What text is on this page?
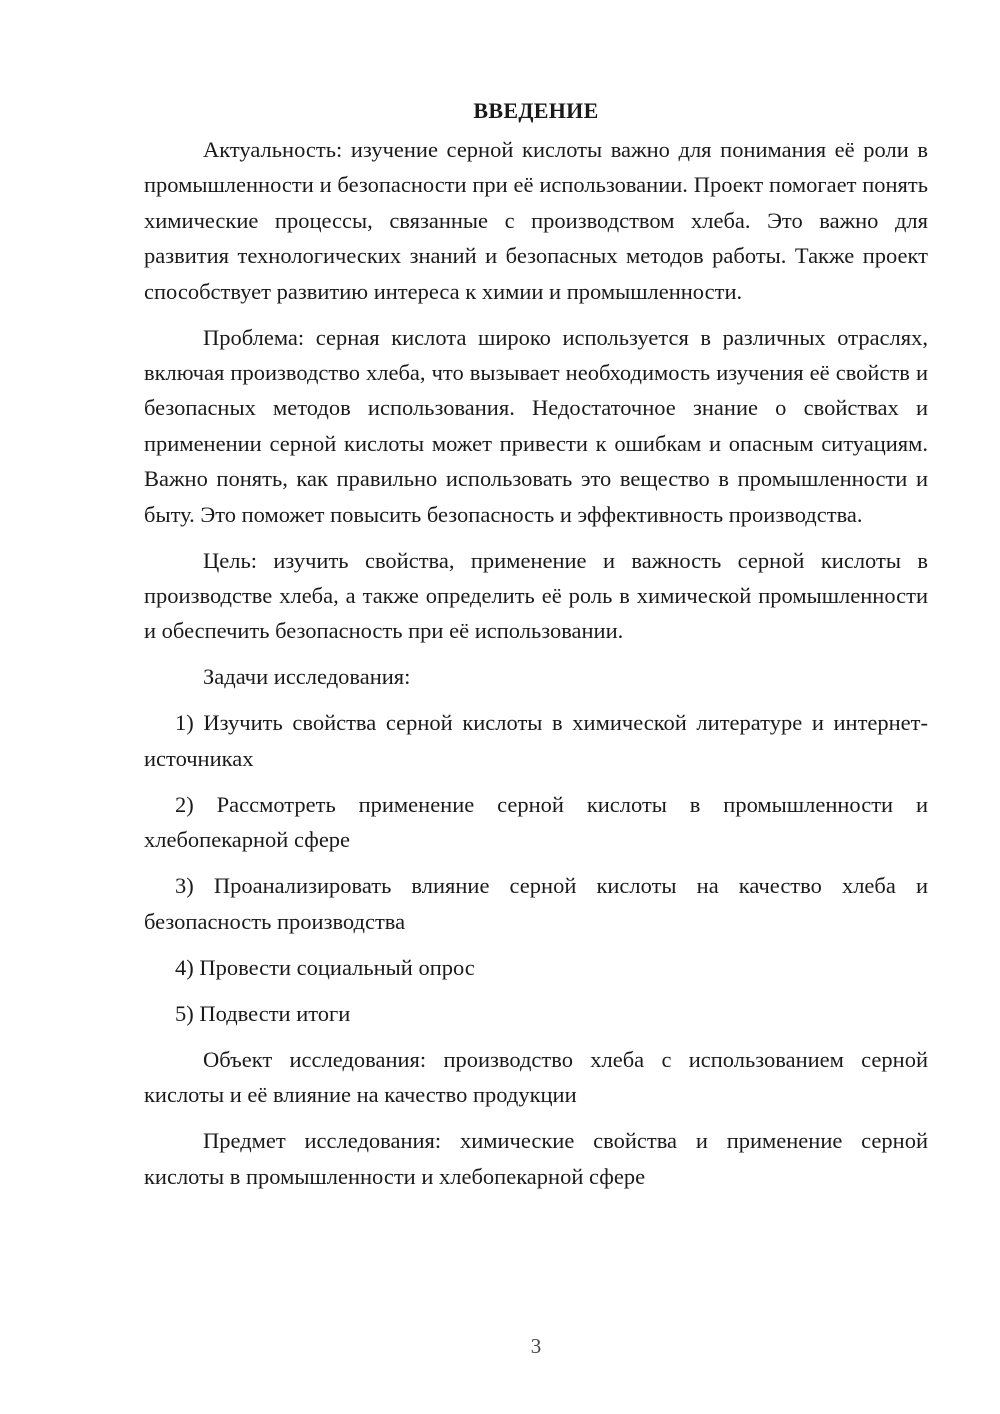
ВВЕДЕНИЕ

Актуальность: изучение серной кислоты важно для понимания её роли в промышленности и безопасности при её использовании. Проект помогает понять химические процессы, связанные с производством хлеба. Это важно для развития технологических знаний и безопасных методов работы. Также проект способствует развитию интереса к химии и промышленности.

Проблема: серная кислота широко используется в различных отраслях, включая производство хлеба, что вызывает необходимость изучения её свойств и безопасных методов использования. Недостаточное знание о свойствах и применении серной кислоты может привести к ошибкам и опасным ситуациям. Важно понять, как правильно использовать это вещество в промышленности и быту. Это поможет повысить безопасность и эффективность производства.

Цель: изучить свойства, применение и важность серной кислоты в производстве хлеба, а также определить её роль в химической промышленности и обеспечить безопасность при её использовании.

Задачи исследования:

1) Изучить свойства серной кислоты в химической литературе и интернет-источниках

2) Рассмотреть применение серной кислоты в промышленности и хлебопекарной сфере

3) Проанализировать влияние серной кислоты на качество хлеба и безопасность производства

4) Провести социальный опрос

5) Подвести итоги

Объект исследования: производство хлеба с использованием серной кислоты и её влияние на качество продукции

Предмет исследования: химические свойства и применение серной кислоты в промышленности и хлебопекарной сфере

3
